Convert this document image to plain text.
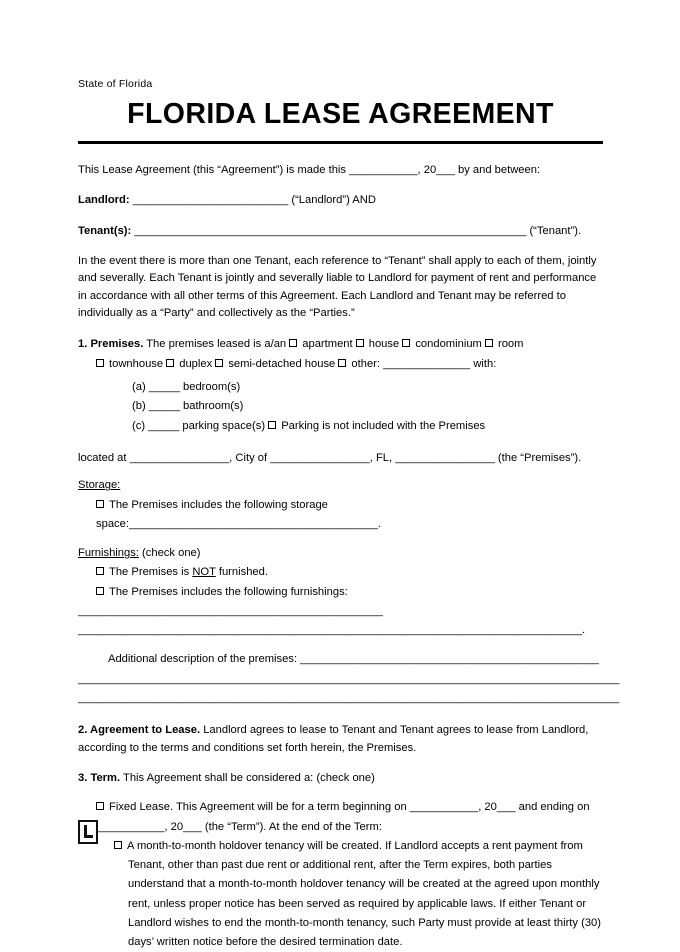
State of Florida
FLORIDA LEASE AGREEMENT

This Lease Agreement (this “Agreement”) is made this ___________, 20___ by and between:

Landlord: _________________________ (“Landlord”) AND

Tenant(s): _______________________________________________________________ (“Tenant”).

In the event there is more than one Tenant, each reference to “Tenant” shall apply to each of them, jointly and severally. Each Tenant is jointly and severally liable to Landlord for payment of rent and performance in accordance with all other terms of this Agreement. Each Landlord and Tenant may be referred to individually as a “Party” and collectively as the “Parties.”

1. Premises. The premises leased is a/an apartment house condominium room
townhouse duplex semi-detached house other: ______________ with:
(a) _____ bedroom(s)
(b) _____ bathroom(s)
(c) _____ parking space(s) Parking is not included with the Premises
located at ________________, City of ________________, FL, ________________ (the “Premises”).
Storage:
The Premises includes the following storage space:________________________________________.
Furnishings: (check one)
The Premises is NOT furnished.
The Premises includes the following furnishings:
_________________________________________________
_________________________________________________________________________________.
Additional description of the premises: ________________________________________________
_______________________________________________________________________________________
_______________________________________________________________________________________
2. Agreement to Lease. Landlord agrees to lease to Tenant and Tenant agrees to lease from Landlord, according to the terms and conditions set forth herein, the Premises.
3. Term. This Agreement shall be considered a: (check one)
Fixed Lease. This Agreement will be for a term beginning on ___________, 20___ and ending on
___________, 20___ (the “Term”). At the end of the Term:
A month-to-month holdover tenancy will be created. If Landlord accepts a rent payment from Tenant, other than past due rent or additional rent, after the Term expires, both parties understand that a month-to-month holdover tenancy will be created at the agreed upon monthly rent, unless proper notice has been served as required by applicable laws. If either Tenant or Landlord wishes to end the month-to-month tenancy, such Party must provide at least thirty (30) days’ written notice before the desired termination date.
